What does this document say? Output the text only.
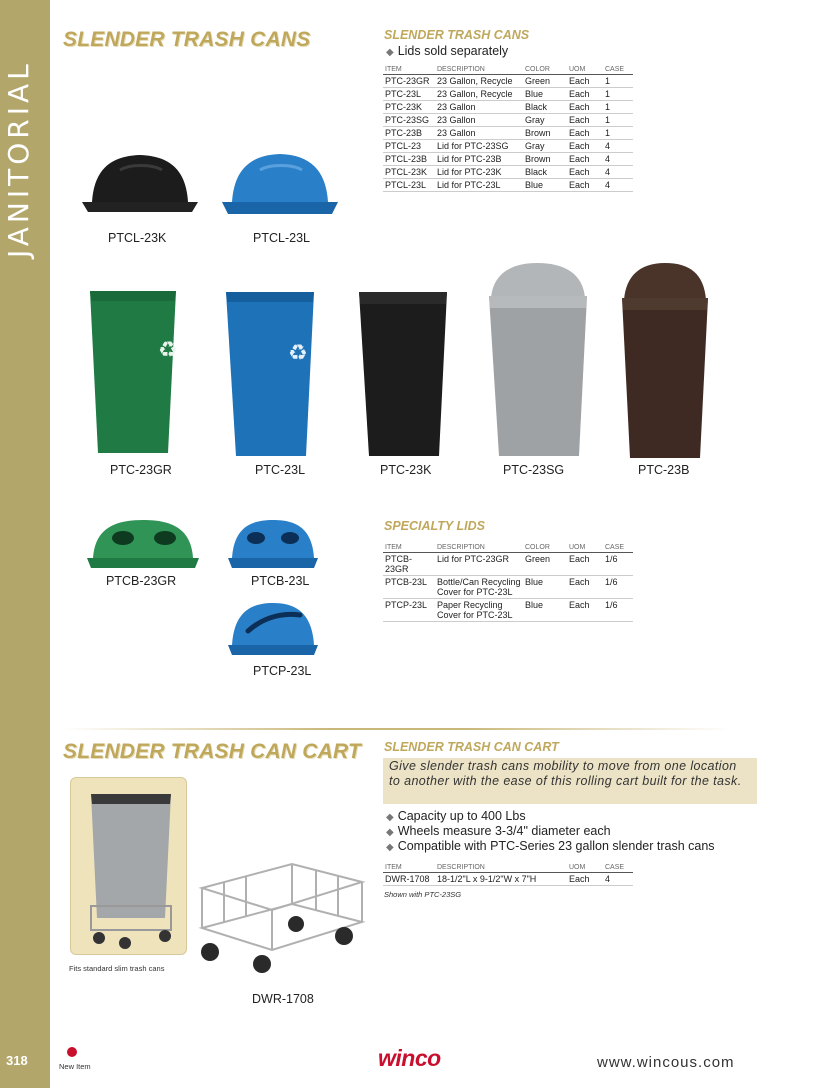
JANITORIAL
318
SLENDER TRASH CANS	SLENDER TRASH CANS
◆ Lids sold separately
ITEM	DESCRIPTION	COLOR	UOM	CASE
PTC-23GR	23 Gallon, Recycle	Green	Each	1
PTC-23L	23 Gallon, Recycle	Blue	Each	1
PTC-23K	23 Gallon	Black	Each	1
PTC-23SG	23 Gallon	Gray	Each	1
PTC-23B	23 Gallon	Brown	Each	1
PTCL-23	Lid for PTC-23SG	Gray	Each	4
PTCL-23B	Lid for PTC-23B	Brown	Each	4
PTCL-23K	Lid for PTC-23K	Black	Each	4
PTCL-23L	Lid for PTC-23L	Blue	Each	4
PTCL-23K	PTCL-23L
♻	♻
PTC-23GR	PTC-23L	PTC-23K	PTC-23SG	PTC-23B
PTCB-23GR	PTCB-23L
PTCP-23L
SPECIALTY LIDS
ITEM	DESCRIPTION	COLOR	UOM	CASE
PTCB-23GR	Lid for PTC-23GR	Green	Each	1/6
PTCB-23L	Bottle/Can Recycling Cover for PTC-23L	Blue	Each	1/6
PTCP-23L	Paper Recycling Cover for PTC-23L	Blue	Each	1/6
SLENDER TRASH CAN CART SLENDER TRASH CAN CART
Give slender trash cans mobility to move from one location to another with the ease of this rolling cart built for the task.
◆ Capacity up to 400 Lbs
◆ Wheels measure 3-3/4" diameter each
◆ Compatible with PTC-Series 23 gallon slender trash cans
ITEM	DESCRIPTION	UOM	CASE
DWR-1708	18-1/2"L x 9-1/2"W x 7"H	Each	4
Shown with PTC-23SG
Fits standard slim trash cans
DWR-1708
New Item	winco	www.wincous.com
